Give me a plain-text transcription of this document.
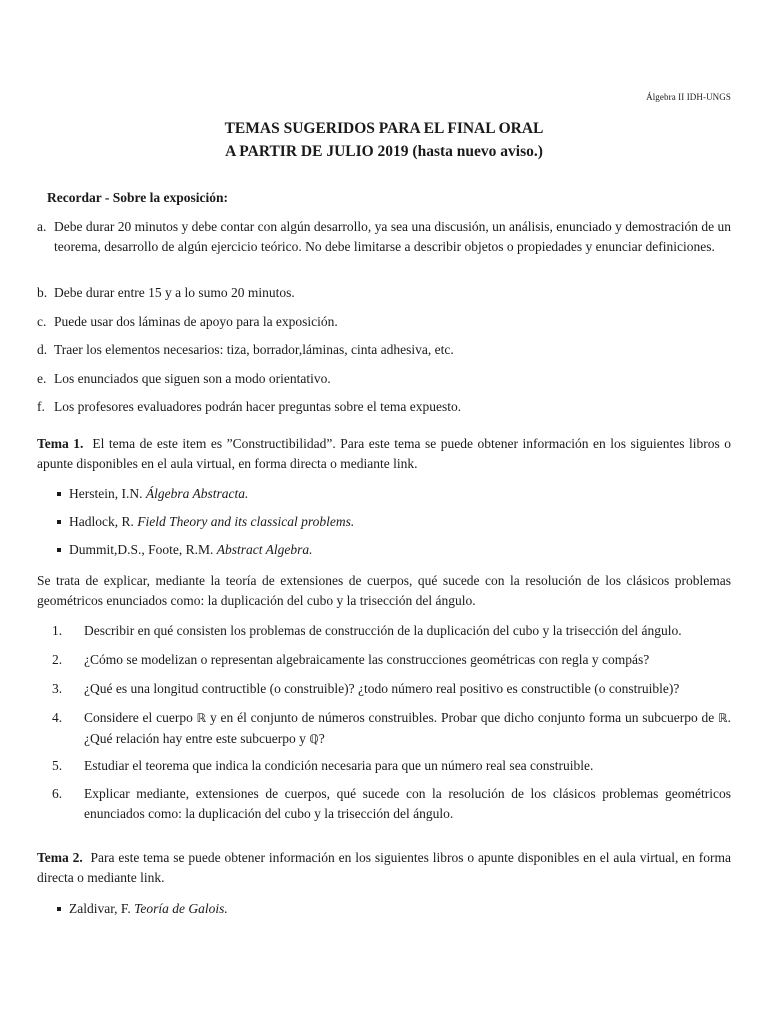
Álgebra II IDH-UNGS
TEMAS SUGERIDOS PARA EL FINAL ORAL
A PARTIR DE JULIO 2019 (hasta nuevo aviso.)
Recordar - Sobre la exposición:
a. Debe durar 20 minutos y debe contar con algún desarrollo, ya sea una discusión, un análisis, enunciado y demostración de un teorema, desarrollo de algún ejercicio teórico. No debe limitarse a describir objetos o propiedades y enunciar definiciones.
b. Debe durar entre 15 y a lo sumo 20 minutos.
c. Puede usar dos láminas de apoyo para la exposición.
d. Traer los elementos necesarios: tiza, borrador,láminas, cinta adhesiva, etc.
e. Los enunciados que siguen son a modo orientativo.
f. Los profesores evaluadores podrán hacer preguntas sobre el tema expuesto.
Tema 1. El tema de este item es ”Constructibilidad”. Para este tema se puede obtener información en los siguientes libros o apunte disponibles en el aula virtual, en forma directa o mediante link.
Herstein, I.N. Álgebra Abstracta.
Hadlock, R. Field Theory and its classical problems.
Dummit,D.S., Foote, R.M. Abstract Algebra.
Se trata de explicar, mediante la teoría de extensiones de cuerpos, qué sucede con la resolución de los clásicos problemas geométricos enunciados como: la duplicación del cubo y la trisección del ángulo.
1. Describir en qué consisten los problemas de construcción de la duplicación del cubo y la trisección del ángulo.
2. ¿Cómo se modelizan o representan algebraicamente las construcciones geométricas con regla y compás?
3. ¿Qué es una longitud contructible (o construible)? ¿todo número real positivo es constructible (o construible)?
4. Considere el cuerpo ℝ y en él conjunto de números construibles. Probar que dicho conjunto forma un subcuerpo de ℝ. ¿Qué relación hay entre este subcuerpo y ℚ?
5. Estudiar el teorema que indica la condición necesaria para que un número real sea construible.
6. Explicar mediante, extensiones de cuerpos, qué sucede con la resolución de los clásicos problemas geométricos enunciados como: la duplicación del cubo y la trisección del ángulo.
Tema 2. Para este tema se puede obtener información en los siguientes libros o apunte disponibles en el aula virtual, en forma directa o mediante link.
Zaldivar, F. Teoría de Galois.
